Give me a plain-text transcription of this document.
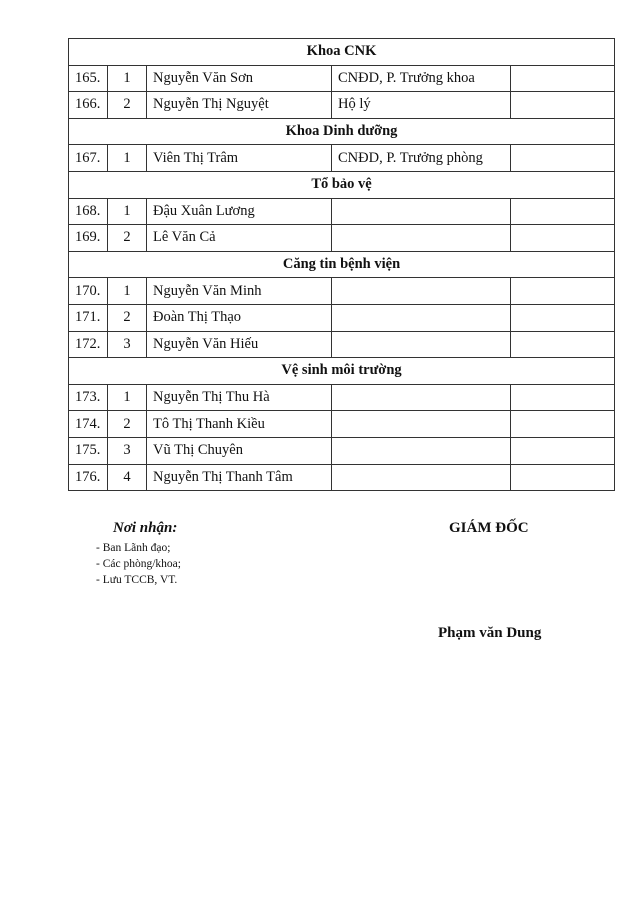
Khoa CNK				
165.	1	Nguyễn Văn Sơn	CNĐD, P. Trưởng khoa	
166.	2	Nguyễn Thị Nguyệt	Hộ lý	
Khoa Dinh dưỡng				
167.	1	Viên Thị Trâm	CNĐD, P. Trưởng phòng	
Tổ bảo vệ				
168.	1	Đậu Xuân Lương		
169.	2	Lê Văn Cả		
Căng tin bệnh viện				
170.	1	Nguyễn Văn Minh		
171.	2	Đoàn Thị Thạo		
172.	3	Nguyễn Văn Hiếu		
Vệ sinh môi trường				
173.	1	Nguyễn Thị Thu Hà		
174.	2	Tô Thị Thanh Kiều		
175.	3	Vũ Thị Chuyên		
176.	4	Nguyễn Thị Thanh Tâm		
Nơi nhận:
- Ban Lãnh đạo;
- Các phòng/khoa;
- Lưu TCCB, VT.
GIÁM ĐỐC
Phạm văn Dung
